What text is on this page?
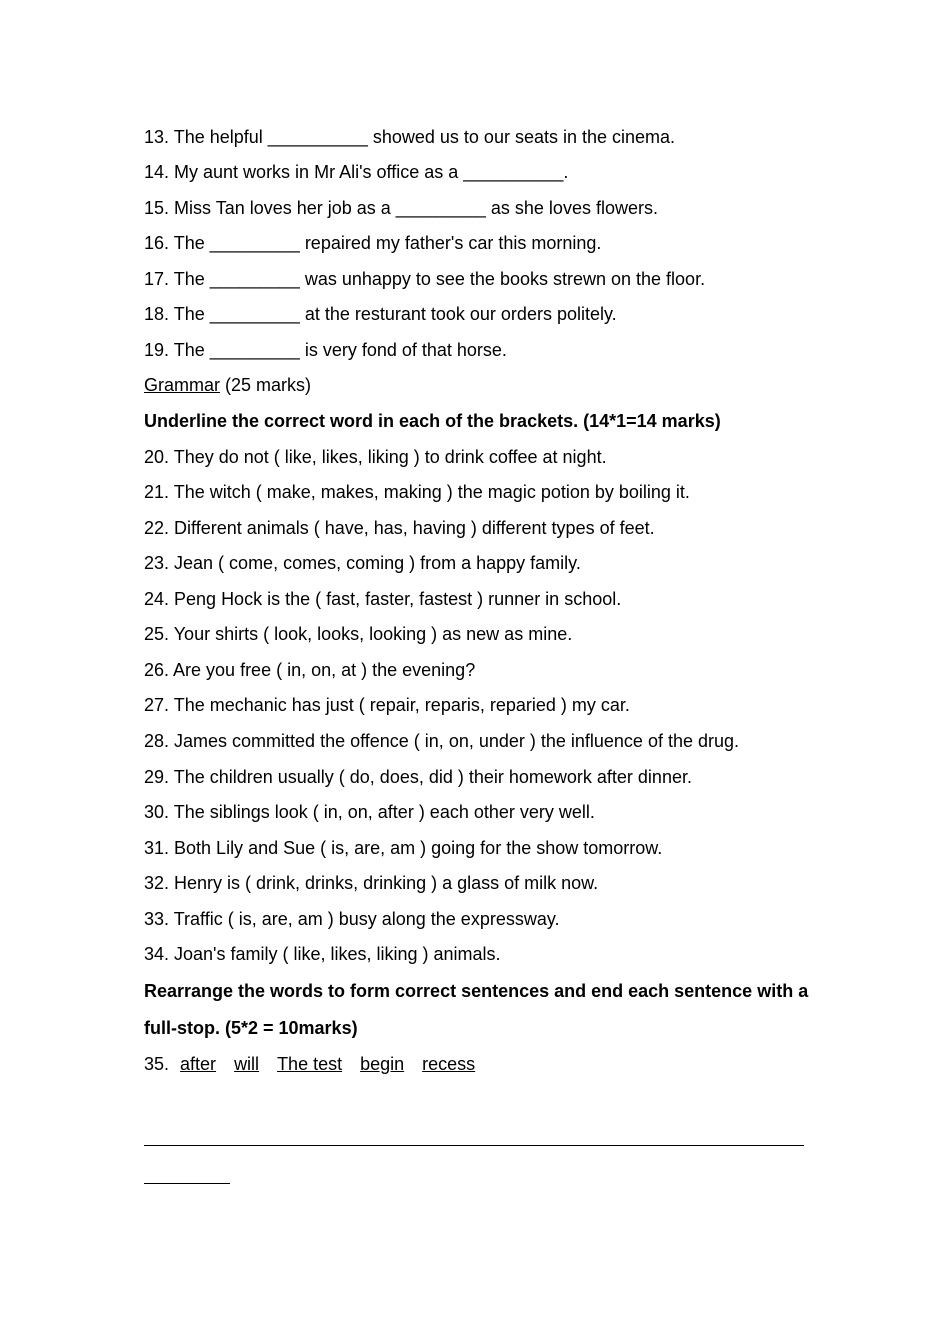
13. The helpful __________ showed us to our seats in the cinema.
14. My aunt works in Mr Ali's office as a __________.
15. Miss Tan loves her job as a _________ as she loves flowers.
16. The _________ repaired my father's car this morning.
17. The _________ was unhappy to see the books strewn on the floor.
18. The _________ at the resturant took our orders politely.
19. The _________ is very fond of that horse.
Grammar (25 marks)
Underline the correct word in each of the brackets. (14*1=14 marks)
20. They do not ( like, likes, liking ) to drink coffee at night.
21. The witch ( make, makes, making ) the magic potion by boiling it.
22. Different animals ( have, has, having ) different types of feet.
23. Jean ( come, comes, coming ) from a happy family.
24. Peng Hock is the ( fast, faster, fastest ) runner in school.
25. Your shirts ( look, looks, looking ) as new as mine.
26. Are you free ( in, on, at ) the evening?
27. The mechanic has just ( repair, reparis, reparied ) my car.
28. James committed the offence ( in, on, under ) the influence of the drug.
29. The children usually ( do, does, did ) their homework after dinner.
30. The siblings look ( in, on, after ) each other very well.
31. Both Lily and Sue ( is, are, am ) going for the show tomorrow.
32. Henry is ( drink, drinks, drinking ) a glass of milk now.
33. Traffic ( is, are, am ) busy along the expressway.
34. Joan's family ( like, likes, liking ) animals.
Rearrange the words to form correct sentences and end each sentence with a
full-stop. (5*2 = 10marks)
35. after will The test begin recess
